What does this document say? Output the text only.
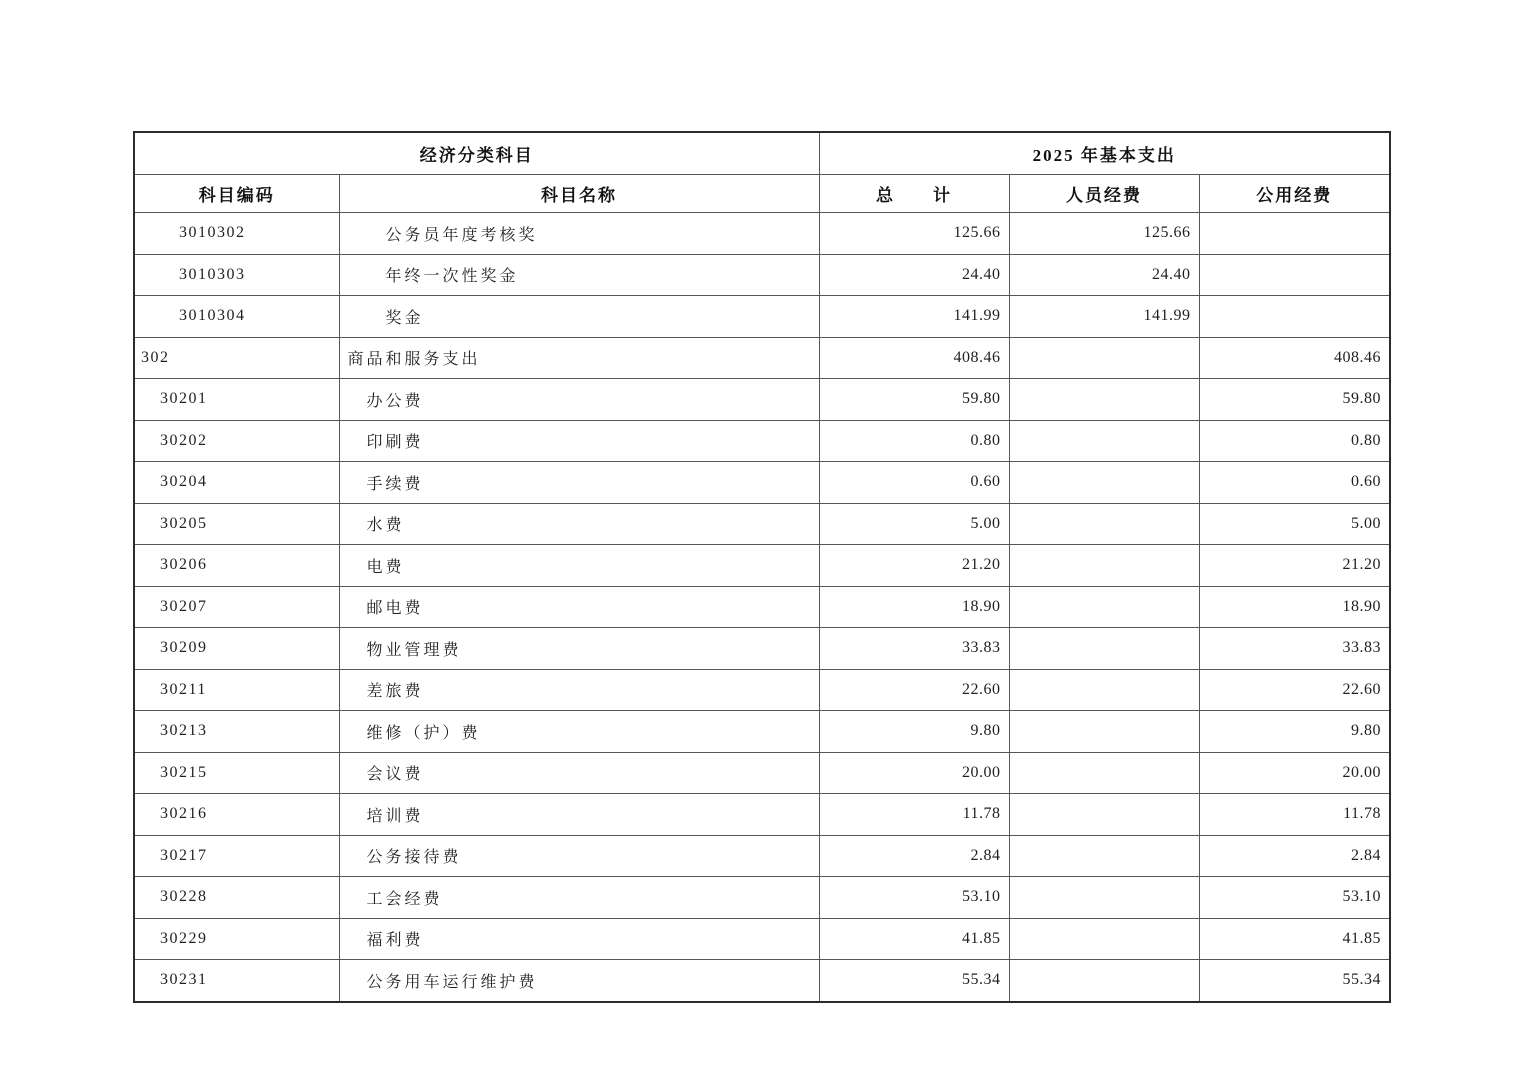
经济分类科目		2025 年基本支出		
科目编码	科目名称	总　　计	人员经费	公用经费
3010302	公务员年度考核奖	125.66	125.66	
3010303	年终一次性奖金	24.40	24.40	
3010304	奖金	141.99	141.99	
302	商品和服务支出	408.46		408.46
30201	办公费	59.80		59.80
30202	印刷费	0.80		0.80
30204	手续费	0.60		0.60
30205	水费	5.00		5.00
30206	电费	21.20		21.20
30207	邮电费	18.90		18.90
30209	物业管理费	33.83		33.83
30211	差旅费	22.60		22.60
30213	维修（护）费	9.80		9.80
30215	会议费	20.00		20.00
30216	培训费	11.78		11.78
30217	公务接待费	2.84		2.84
30228	工会经费	53.10		53.10
30229	福利费	41.85		41.85
30231	公务用车运行维护费	55.34		55.34
